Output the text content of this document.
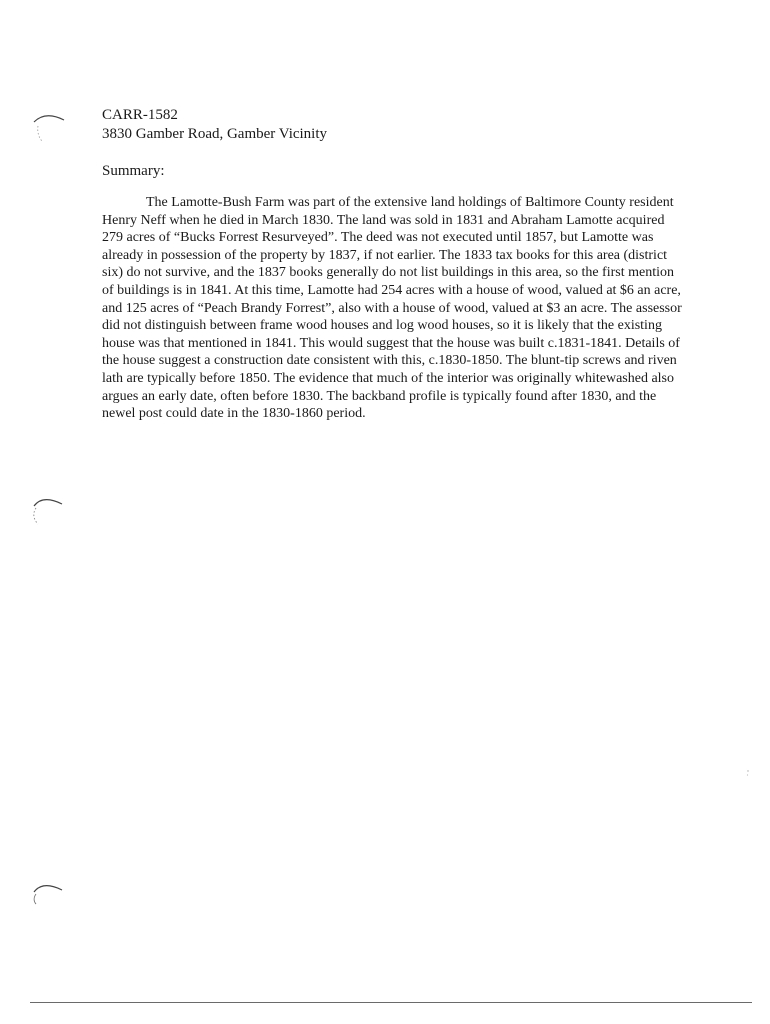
CARR-1582

3830 Gamber Road, Gamber Vicinity

Summary:

The Lamotte-Bush Farm was part of the extensive land holdings of Baltimore County resident Henry Neff when he died in March 1830. The land was sold in 1831 and Abraham Lamotte acquired 279 acres of “Bucks Forrest Resurveyed”. The deed was not executed until 1857, but Lamotte was already in possession of the property by 1837, if not earlier. The 1833 tax books for this area (district six) do not survive, and the 1837 books generally do not list buildings in this area, so the first mention of buildings is in 1841. At this time, Lamotte had 254 acres with a house of wood, valued at $6 an acre, and 125 acres of “Peach Brandy Forrest”, also with a house of wood, valued at $3 an acre. The assessor did not distinguish between frame wood houses and log wood houses, so it is likely that the existing house was that mentioned in 1841. This would suggest that the house was built c.1831-1841. Details of the house suggest a construction date consistent with this, c.1830-1850. The blunt-tip screws and riven lath are typically before 1850. The evidence that much of the interior was originally whitewashed also argues an early date, often before 1830. The backband profile is typically found after 1830, and the newel post could date in the 1830-1860 period.
